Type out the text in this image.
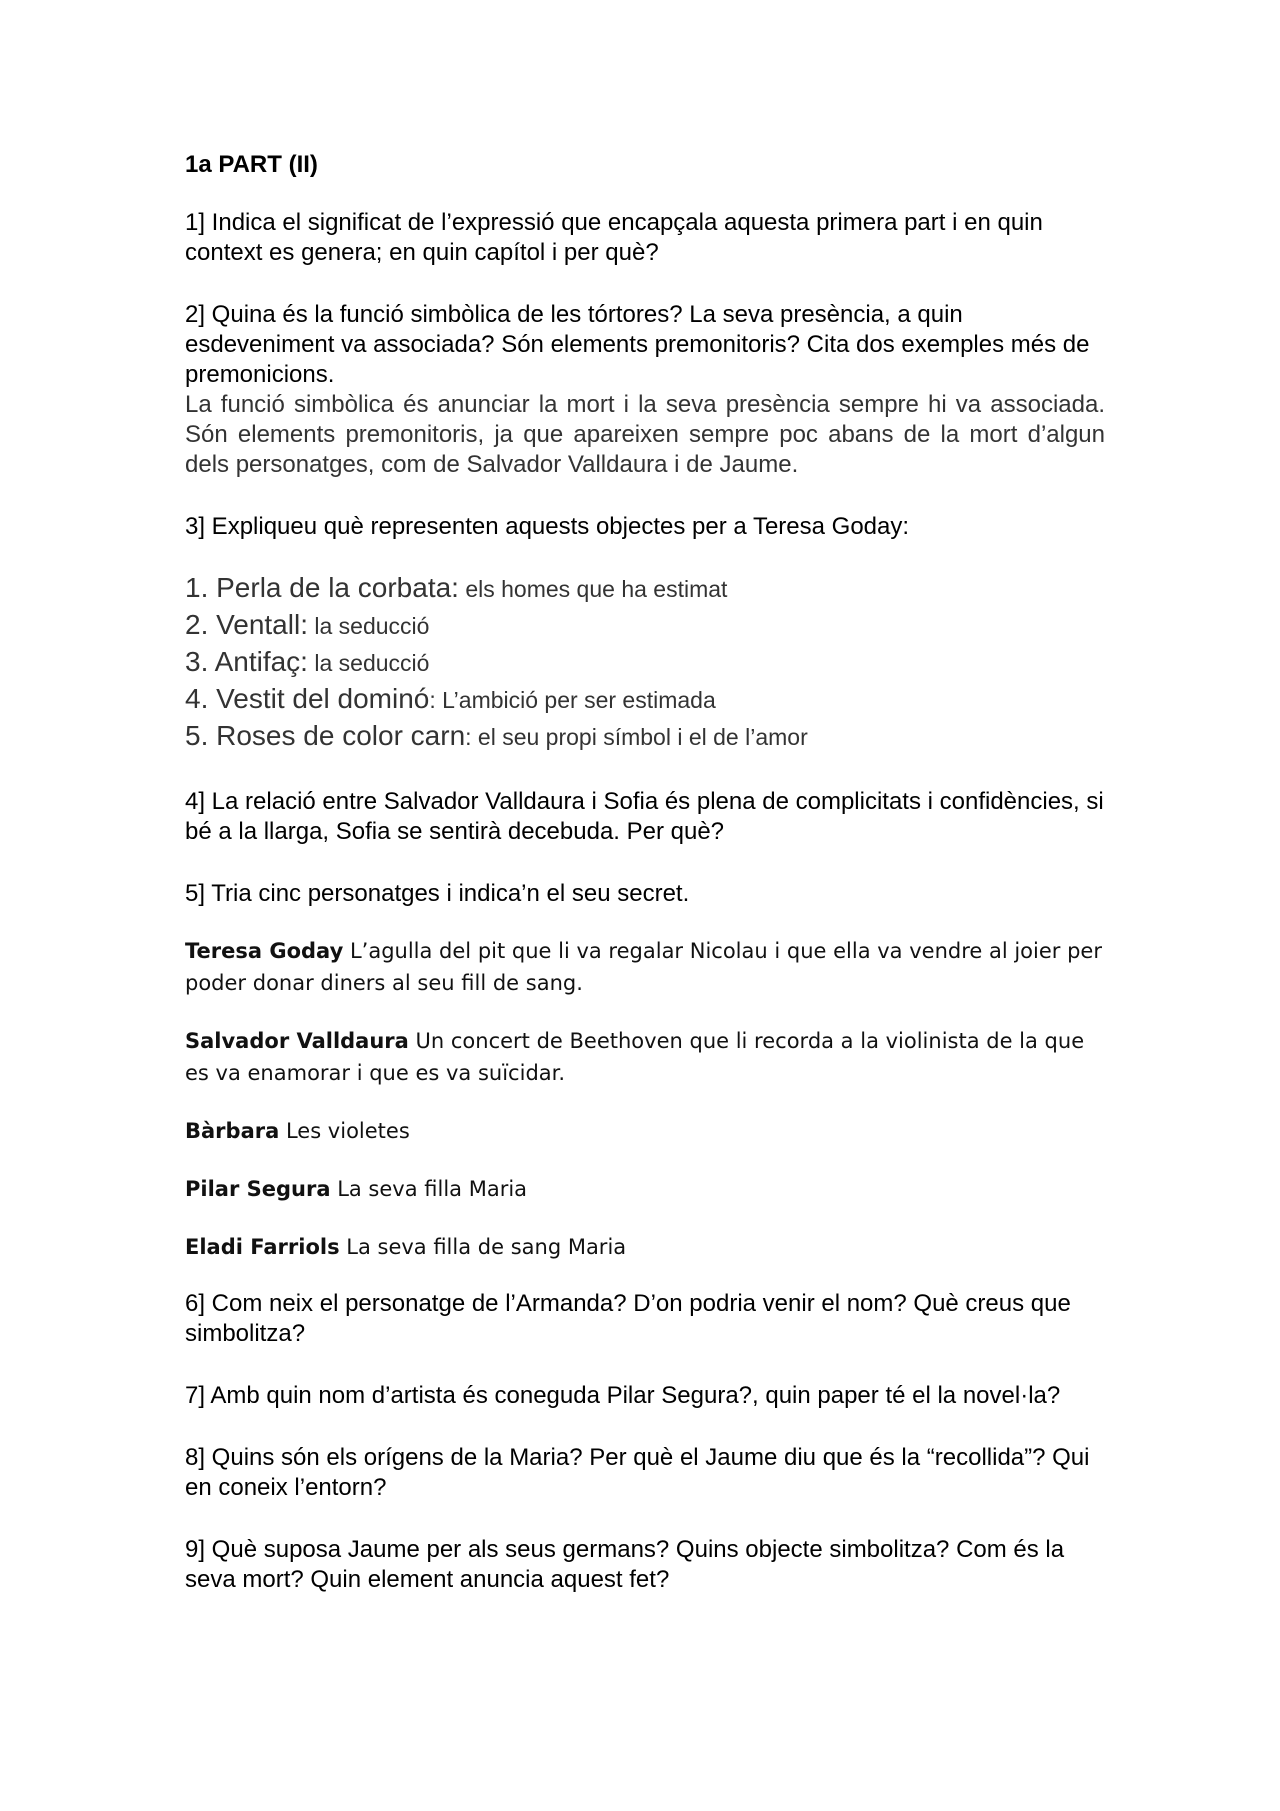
1a PART (II)

1] Indica el significat de l’expressió que encapçala aquesta primera part i en quin context es genera; en quin capítol i per què?

2] Quina és la funció simbòlica de les tórtores? La seva presència, a quin esdeveniment va associada? Són elements premonitoris? Cita dos exemples més de premonicions.

La funció simbòlica és anunciar la mort i la seva presència sempre hi va associada. Són elements premonitoris, ja que apareixen sempre poc abans de la mort d’algun dels personatges, com de Salvador Valldaura i de Jaume.

3] Expliqueu què representen aquests objectes per a Teresa Goday:

1. Perla de la corbata: els homes que ha estimat
2. Ventall: la seducció
3. Antifaç: la seducció
4. Vestit del dominó: L’ambició per ser estimada
5. Roses de color carn: el seu propi símbol i el de l’amor

4] La relació entre Salvador Valldaura i Sofia és plena de complicitats i confidències, si bé a la llarga, Sofia se sentirà decebuda. Per què?

5] Tria cinc personatges i indica’n el seu secret.

Teresa Goday L’agulla del pit que li va regalar Nicolau i que ella va vendre al joier per poder donar diners al seu fill de sang.

Salvador Valldaura Un concert de Beethoven que li recorda a la violinista de la que es va enamorar i que es va suïcidar.

Bàrbara Les violetes

Pilar Segura La seva filla Maria

Eladi Farriols La seva filla de sang Maria

6] Com neix el personatge de l’Armanda? D’on podria venir el nom? Què creus que simbolitza?

7] Amb quin nom d’artista és coneguda Pilar Segura?, quin paper té el la novel·la?

8] Quins són els orígens de la Maria? Per què el Jaume diu que és la “recollida”? Qui en coneix l’entorn?

9] Què suposa Jaume per als seus germans? Quins objecte simbolitza? Com és la seva mort? Quin element anuncia aquest fet?
